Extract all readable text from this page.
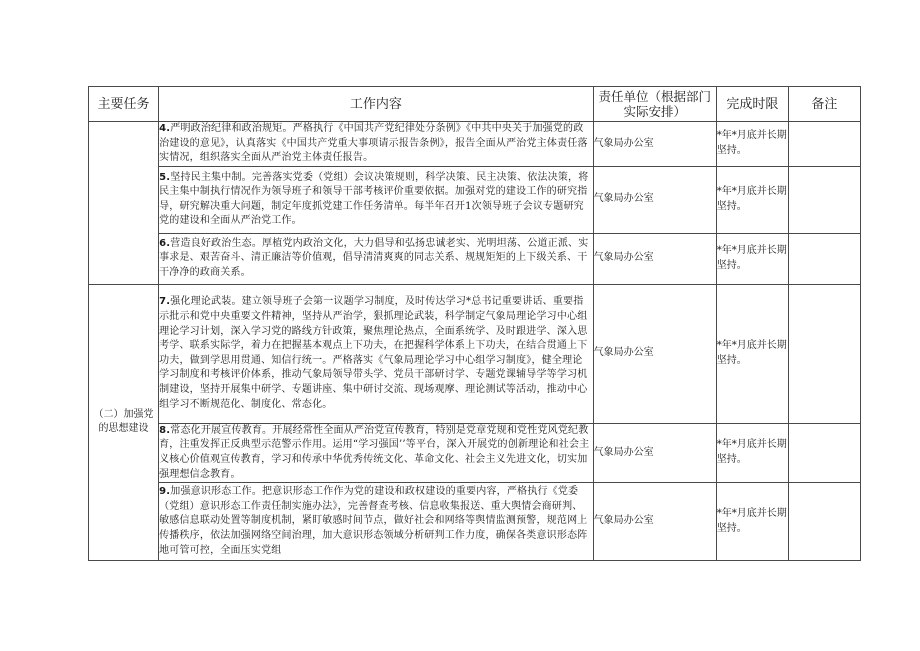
主要任务	工作内容	责任单位（根据部门实际安排）	完成时限	备注
	4.严明政治纪律和政治规矩。严格执行《中国共产党纪律处分条例》《中共中央关于加强党的政治建设的意见》，认真落实《中国共产党重大事项请示报告条例》，报告全面从严治党主体责任落实情况，组织落实全面从严治党主体责任报告。	气象局办公室	*年*月底并长期坚持。	
	5.坚持民主集中制。完善落实党委（党组）会议决策规则，科学决策、民主决策、依法决策，将民主集中制执行情况作为领导班子和领导干部考核评价重要依据。加强对党的建设工作的研究指导，研究解决重大问题，制定年度抓党建工作任务清单。每半年召开1次领导班子会议专题研究党的建设和全面从严治党工作。	气象局办公室	*年*月底并长期坚持。	
	6.营造良好政治生态。厚植党内政治文化，大力倡导和弘扬忠诚老实、光明坦荡、公道正派、实事求是、艰苦奋斗、清正廉洁等价值观，倡导清清爽爽的同志关系、规规矩矩的上下级关系、干干净净的政商关系。	气象局办公室	*年*月底并长期坚持。	
（二）加强党的思想建设	7.强化理论武装。建立领导班子会第一议题学习制度，及时传达学习*总书记重要讲话、重要指示批示和党中央重要文件精神，坚持从严治学，狠抓理论武装，科学制定气象局理论学习中心组理论学习计划，深入学习党的路线方针政策，聚焦理论热点，全面系统学、及时跟进学、深入思考学、联系实际学，着力在把握基本观点上下功夫，在把握科学体系上下功夫，在结合贯通上下功夫，做到学思用贯通、知信行统一。严格落实《气象局理论学习中心组学习制度》，健全理论学习制度和考核评价体系，推动气象局领导带头学、党员干部研讨学、专题党课辅导学等学习机制建设，坚持开展集中研学、专题讲座、集中研讨交流、现场观摩、理论测试等活动，推动中心组学习不断规范化、制度化、常态化。	气象局办公室	*年*月底并长期坚持。	
	8.常态化开展宣传教育。开展经常性全面从严治党宣传教育，特别是党章党规和党性党风党纪教育，注重发挥正反典型示范警示作用。运用“学习强国’’等平台，深入开展党的创新理论和社会主义核心价值观宣传教育，学习和传承中华优秀传统文化、革命文化、社会主义先进文化，切实加强理想信念教育。	气象局办公室	*年*月底并长期坚持。	
	9.加强意识形态工作。把意识形态工作作为党的建设和政权建设的重要内容，严格执行《党委（党组）意识形态工作责任制实施办法》，完善督查考核、信息收集报送、重大舆情会商研判、敏感信息联动处置等制度机制，紧盯敏感时间节点，做好社会和网络等舆情监测预警，规范网上传播秩序，依法加强网络空间治理，加大意识形态领域分析研判工作力度，确保各类意识形态阵地可管可控，全面压实党组	气象局办公室	*年*月底并长期坚持。	
